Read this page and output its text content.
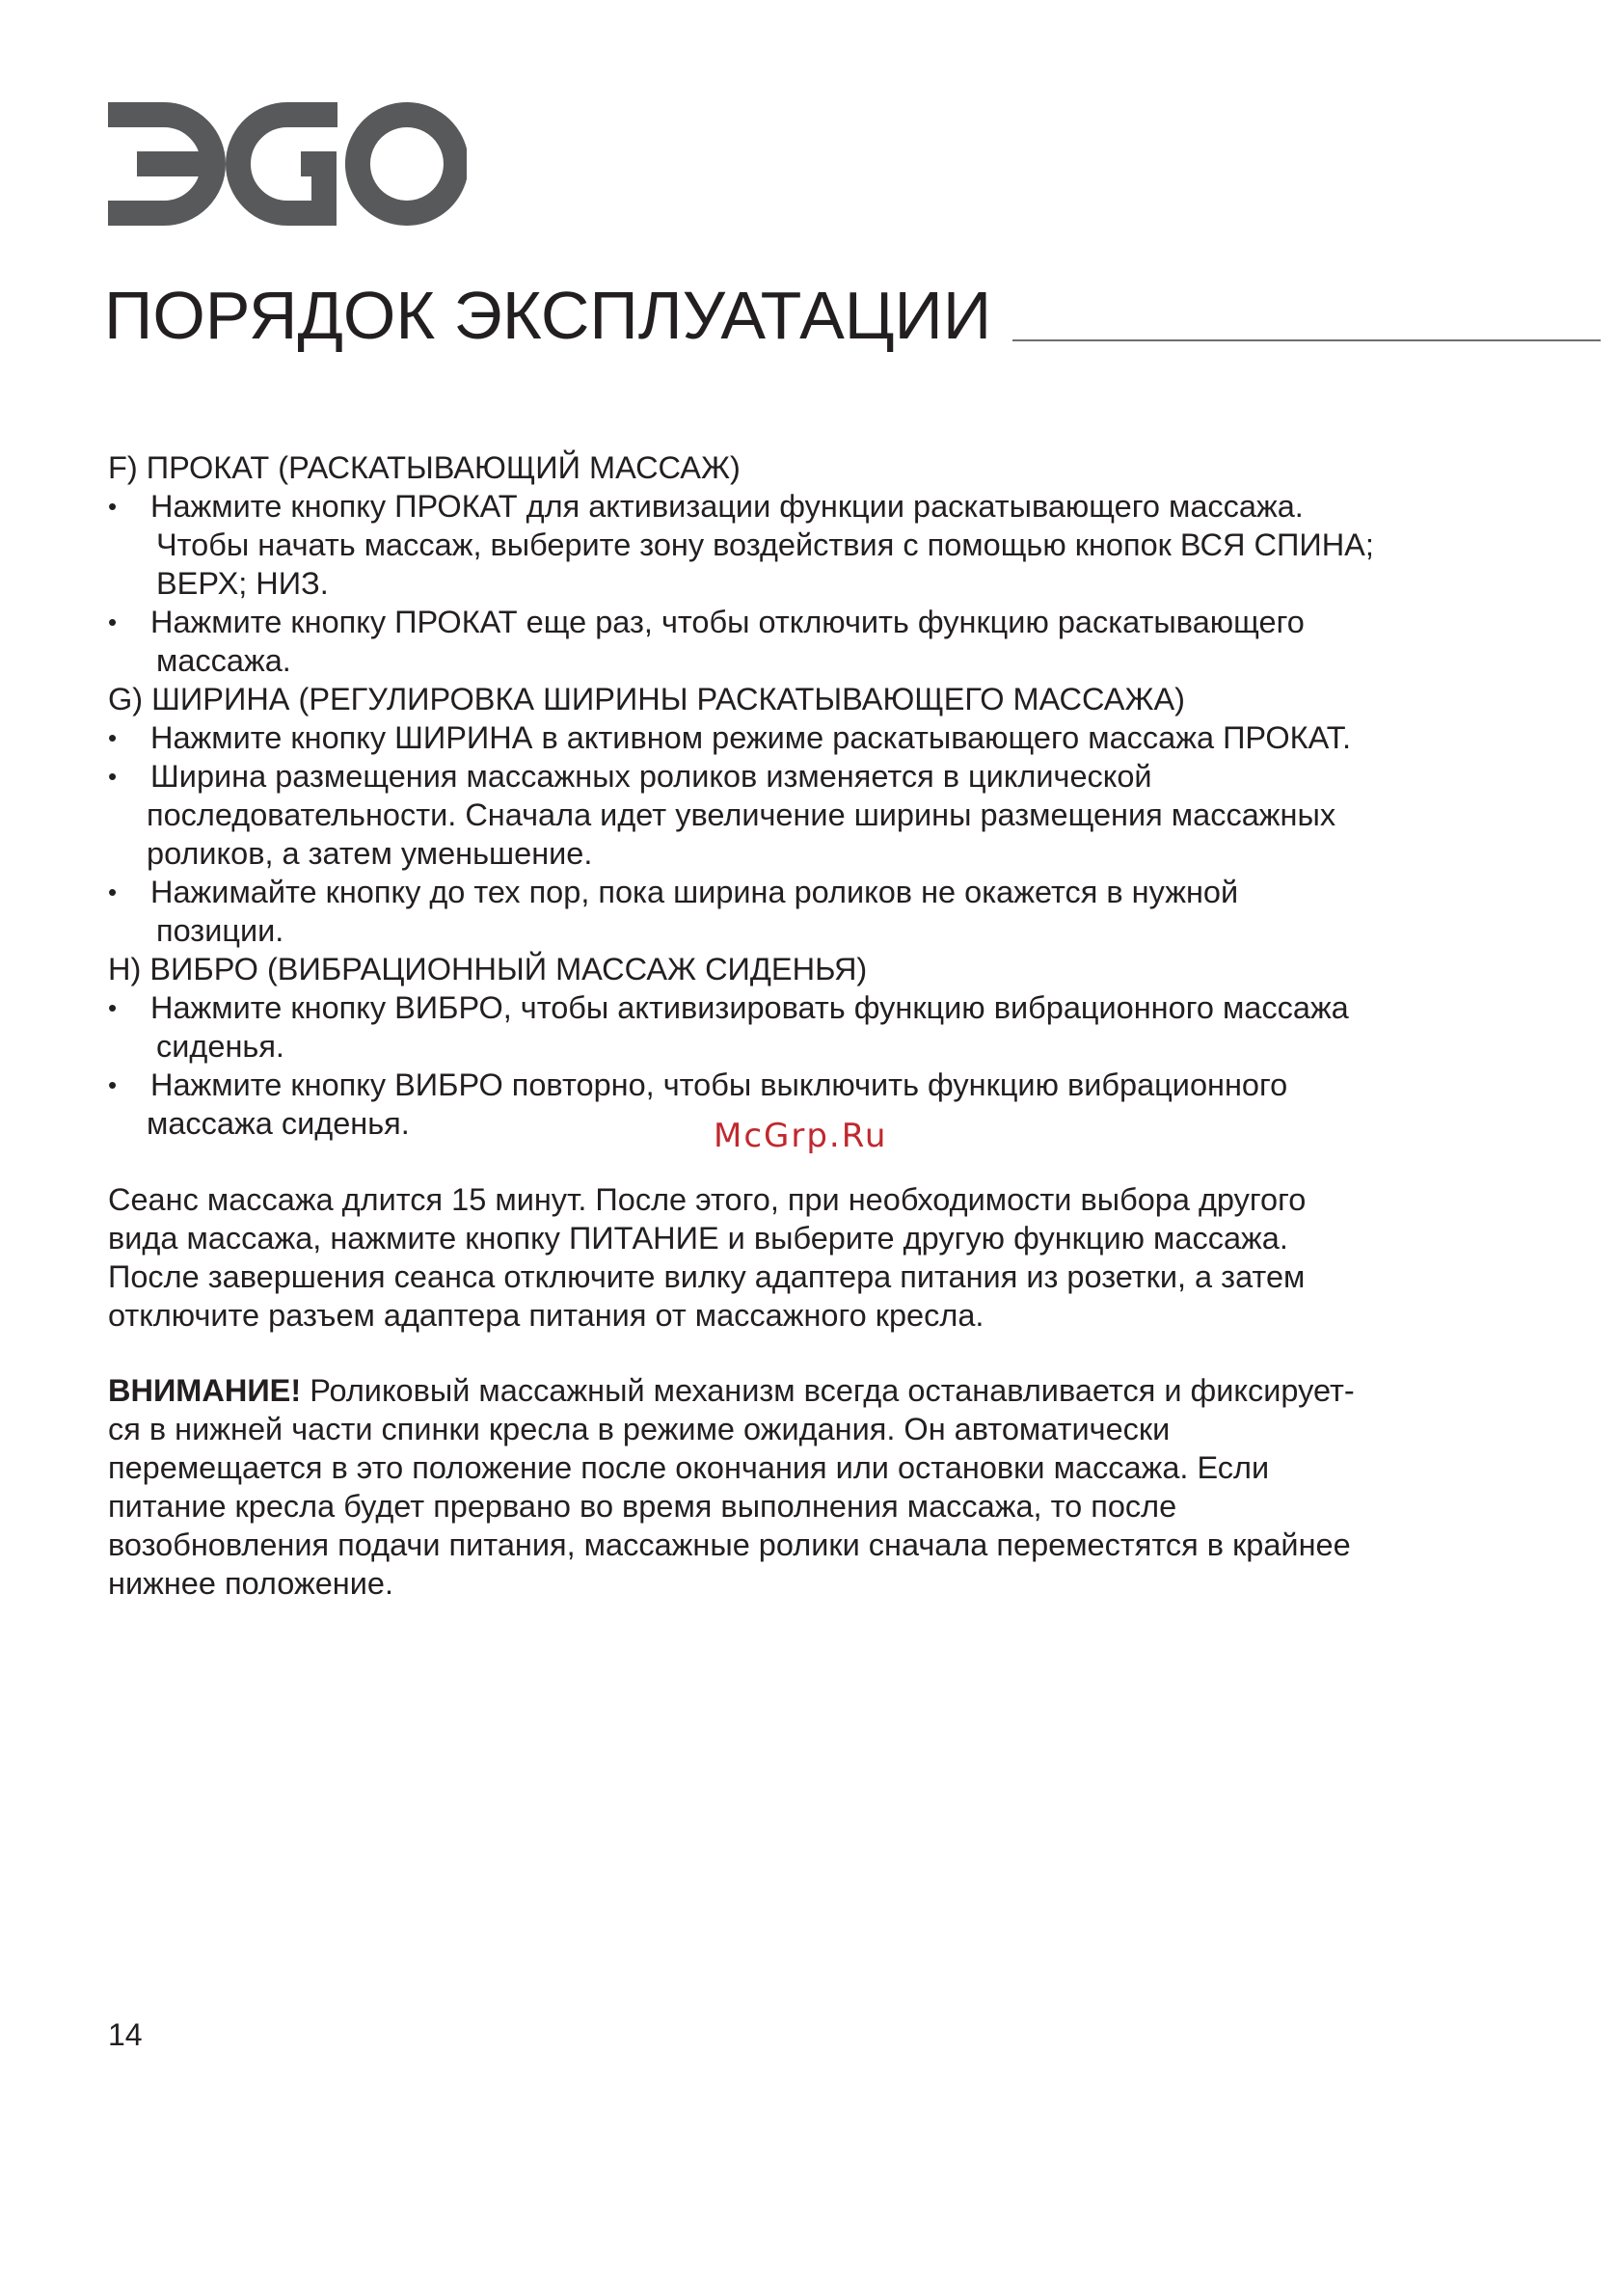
ЭGO
ПОРЯДОК ЭКСПЛУАТАЦИИ

F) ПРОКАТ (РАСКАТЫВАЮЩИЙ МАССАЖ)

•	Нажмите кнопку ПРОКАТ для активизации функции раскатывающего массажа.
Чтобы начать массаж, выберите зону воздействия с помощью кнопок ВСЯ СПИНА;
ВЕРХ; НИЗ.
•	Нажмите кнопку ПРОКАТ еще раз, чтобы отключить функцию раскатывающего
массажа.

G) ШИРИНА (РЕГУЛИРОВКА ШИРИНЫ РАСКАТЫВАЮЩЕГО МАССАЖА)

•	Нажмите кнопку ШИРИНА в активном режиме раскатывающего массажа ПРОКАТ.
•	Ширина размещения массажных роликов изменяется в циклической
последовательности. Сначала идет увеличение ширины размещения массажных
роликов, а затем уменьшение.
•	Нажимайте кнопку до тех пор, пока ширина роликов не окажется в нужной
позиции.

H) ВИБРО (ВИБРАЦИОННЫЙ МАССАЖ СИДЕНЬЯ)

•	Нажмите кнопку ВИБРО, чтобы активизировать функцию вибрационного массажа
сиденья.
•	Нажмите кнопку ВИБРО повторно, чтобы выключить функцию вибрационного
массажа сиденья.	McGrp.Ru
Сеанс массажа длится 15 минут. После этого, при необходимости выбора другого
вида массажа, нажмите кнопку ПИТАНИЕ и выберите другую функцию массажа.
После завершения сеанса отключите вилку адаптера питания из розетки, а затем
отключите разъем адаптера питания от массажного кресла.
ВНИМАНИЕ! Роликовый массажный механизм всегда останавливается и фиксирует-
ся в нижней части спинки кресла в режиме ожидания. Он автоматически
перемещается в это положение после окончания или остановки массажа. Если
питание кресла будет прервано во время выполнения массажа, то после
возобновления подачи питания, массажные ролики сначала переместятся в крайнее
нижнее положение.
14
